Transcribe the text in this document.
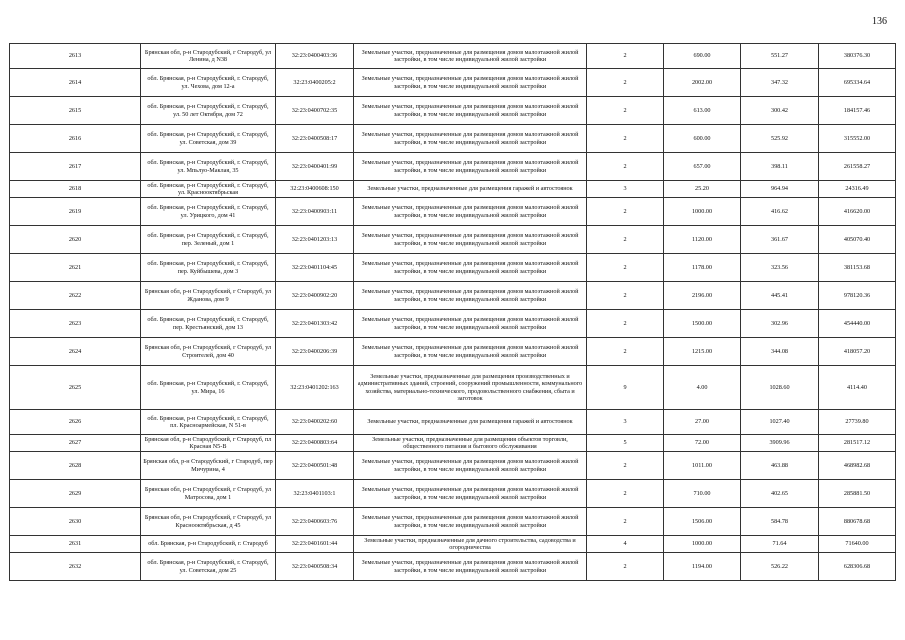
136
2613	Брянская обл, р-н Стародубский, г Стародуб, ул Ленина, д N38	32:23:0400403:36	Земельные участки, предназначенные для размещения домов малоэтажной жилой застройки, в том числе индивидуальной жилой застройки	2	690.00	551.27	380376.30
2614	обл. Брянская, р-н Стародубский, г. Стародуб, ул. Чехова, дом 12-а	32:23:0400205:2	Земельные участки, предназначенные для размещения домов малоэтажной жилой застройки, в том числе индивидуальной жилой застройки	2	2002.00	347.32	695334.64
2615	обл. Брянская, р-н Стародубский, г. Стародуб, ул. 50 лет Октября, дом 72	32:23:0400702:35	Земельные участки, предназначенные для размещения домов малоэтажной жилой застройки, в том числе индивидуальной жилой застройки	2	613.00	300.42	184157.46
2616	обл. Брянская, р-н Стародубский, г. Стародуб, ул. Советская, дом 39	32:23:0400508:17	Земельные участки, предназначенные для размещения домов малоэтажной жилой застройки, в том числе индивидуальной жилой застройки	2	600.00	525.92	315552.00
2617	обл. Брянская, р-н Стародубский, г. Стародуб, ул. Мпьлуо-Маклая, 35	32:23:0400401:99	Земельные участки, предназначенные для размещения домов малоэтажной жилой застройки, в том числе индивидуальной жилой застройки	2	657.00	398.11	261558.27
2618	обл. Брянская, р-н Стародубский, г. Стародуб, ул. Краснооктябрьская	32:23:0400608:150	Земельные участки, предназначенные для размещения гаражей и автостоянок	3	25.20	964.94	24316.49
2619	обл. Брянская, р-н Стародубский, г. Стародуб, ул. Урицкого, дом 41	32:23:0400903:11	Земельные участки, предназначенные для размещения домов малоэтажной жилой застройки, в том числе индивидуальной жилой застройки	2	1000.00	416.62	416620.00
2620	обл. Брянская, р-н Стародубский, г. Стародуб, пер. Зеленый, дом 1	32:23:0401203:13	Земельные участки, предназначенные для размещения домов малоэтажной жилой застройки, в том числе индивидуальной жилой застройки	2	1120.00	361.67	405070.40
2621	обл. Брянская, р-н Стародубский, г. Стародуб, пер. Куйбышева, дом 3	32:23:0401104:45	Земельные участки, предназначенные для размещения домов малоэтажной жилой застройки, в том числе индивидуальной жилой застройки	2	1178.00	323.56	381153.68
2622	Брянская обл, р-н Стародубский, г Стародуб, ул Жданова, дом 9	32:23:0400902:20	Земельные участки, предназначенные для размещения домов малоэтажной жилой застройки, в том числе индивидуальной жилой застройки	2	2196.00	445.41	978120.36
2623	обл. Брянская, р-н Стародубский, г. Стародуб, пер. Крестьянский, дом 13	32:23:0401303:42	Земельные участки, предназначенные для размещения домов малоэтажной жилой застройки, в том числе индивидуальной жилой застройки	2	1500.00	302.96	454440.00
2624	Брянская обл, р-н Стародубский, г Стародуб, ул Строителей, дом 40	32:23:0400206:39	Земельные участки, предназначенные для размещения домов малоэтажной жилой застройки, в том числе индивидуальной жилой застройки	2	1215.00	344.08	418057.20
2625	обл. Брянская, р-н Стародубский, г. Стародуб, ул. Мира, 16	32:23:0401202:163	Земельные участки, предназначенные для размещения производственных и административных зданий, строений, сооружений промышленности, коммунального хозяйства, материально-технического, продовольственного снабжения, сбыта и заготовок	9	4.00	1028.60	4114.40
2626	обл. Брянская, р-н Стародубский, г. Стародуб, пл. Красноармейская, N 51-в	32:23:0400202:60	Земельные участки, предназначенные для размещения гаражей и автостоянок	3	27.00	1027.40	27739.80
2627	Брянская обл, р-н Стародубский, г Стародуб, пл Красная N5-В	32:23:0400803:64	Земельные участки, предназначенные для размещения объектов торговли, общественного питания и бытового обслуживания	5	72.00	3909.96	281517.12
2628	Брянская обл, р-н Стародубский, г Стародуб, пер Мичурина, 4	32:23:0400501:48	Земельные участки, предназначенные для размещения домов малоэтажной жилой застройки, в том числе индивидуальной жилой застройки	2	1011.00	463.88	468982.68
2629	Брянская обл, р-н Стародубский, г Стародуб, ул Матросова, дом 1	32:23:0401103:1	Земельные участки, предназначенные для размещения домов малоэтажной жилой застройки, в том числе индивидуальной жилой застройки	2	710.00	402.65	285881.50
2630	Брянская обл, р-н Стародубский, г Стародуб, ул Краснооктябрьская, д 45	32:23:0400603:76	Земельные участки, предназначенные для размещения домов малоэтажной жилой застройки, в том числе индивидуальной жилой застройки	2	1506.00	584.78	880678.68
2631	обл. Брянская, р-н Стародубский, г. Стародуб	32:23:0401601:44	Земельные участки, предназначенные для дачного строительства, садоводства и огородничества	4	1000.00	71.64	71640.00
2632	обл. Брянская, р-н Стародубский, г. Стародуб, ул. Советская, дом 25	32:23:0400508:34	Земельные участки, предназначенные для размещения домов малоэтажной жилой застройки, в том числе индивидуальной жилой застройки	2	1194.00	526.22	628306.68
